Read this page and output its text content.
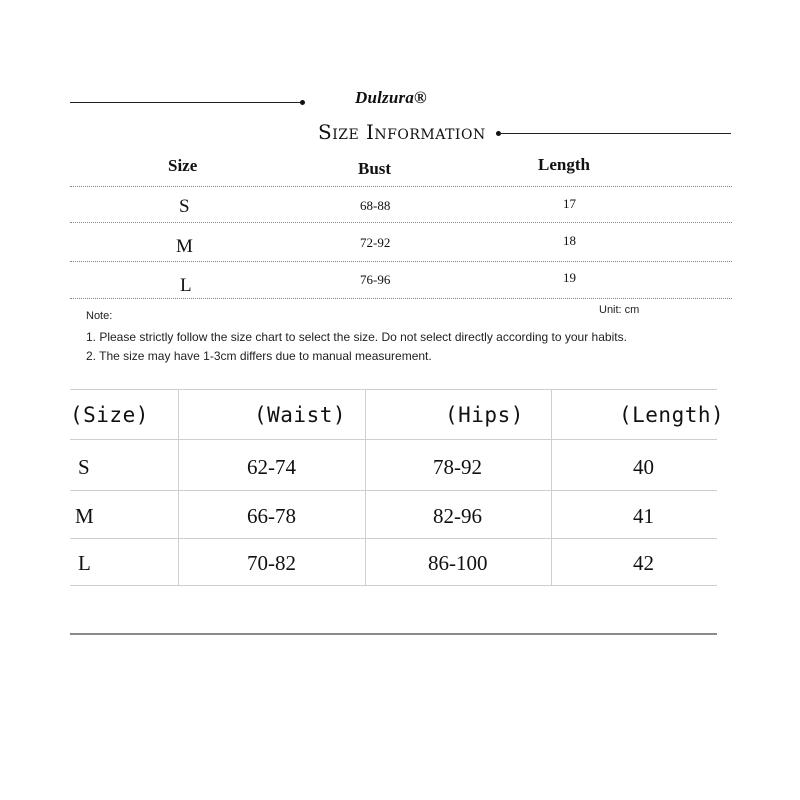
Dulzura®
Size Information
Size	Bust	Length
S	68-88	17
M	72-92	18
L	76-96	19
Unit: cm
Note:
1. Please strictly follow the size chart to select the size. Do not select directly according to your habits.
2. The size may have 1-3cm differs due to manual measurement.
(Size)	(Waist)	(Hips)	(Length)
S	62-74	78-92	40
M	66-78	82-96	41
L	70-82	86-100	42
